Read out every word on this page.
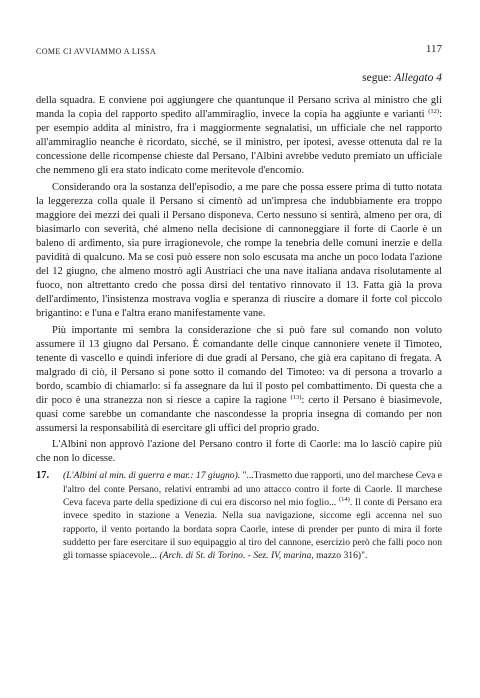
COME CI AVVIAMMO A LISSA	117
segue: Allegato 4

della squadra. E conviene poi aggiungere che quantunque il Persano scriva al ministro che gli manda la copia del rapporto spedito all'ammiraglio, invece la copia ha aggiunte e varianti $^{(12)}$: per esempio addita al ministro, fra i maggiormente segnalatisi, un ufficiale che nel rapporto all'ammiraglio neanche è ricordato, sicché, se il ministro, per ipotesi, avesse ottenuta dal re la concessione delle ricompense chieste dal Persano, l'Albini avrebbe veduto premiato un ufficiale che nemmeno gli era stato indicato come meritevole d'encomio.

Considerando ora la sostanza dell'episodio, a me pare che possa essere prima di tutto notata la leggerezza colla quale il Persano si cimentò ad un'impresa che indubbiamente era troppo maggiore dei mezzi dei quali il Persano disponeva. Certo nessuno si sentirà, almeno per ora, di biasimarlo con severità, ché almeno nella decisione di cannoneggiare il forte di Caorle è un baleno di ardimento, sia pure irragionevole, che rompe la tenebria delle comuni inerzie e della pavidità di qualcuno. Ma se così può essere non solo escusata ma anche un poco lodata l'azione del 12 giugno, che almeno mostrò agli Austriaci che una nave italiana andava risolutamente al fuoco, non altrettanto credo che possa dirsi del tentativo rinnovato il 13. Fatta già la prova dell'ardimento, l'insistenza mostrava voglia e speranza di riuscire a domare il forte col piccolo brigantino: e l'una e l'altra erano manifestamente vane.

Più importante mi sembra la considerazione che si può fare sul comando non voluto assumere il 13 giugno dal Persano. È comandante delle cinque cannoniere venete il Timoteo, tenente di vascello e quindi inferiore di due gradi al Persano, che già era capitano di fregata. A malgrado di ciò, il Persano si pone sotto il comando del Timoteo: va di persona a trovarlo a bordo, scambio di chiamarlo: si fa assegnare da lui il posto pel combattimento. Di questa che a dir poco è una stranezza non si riesce a capire la ragione $^{(13)}$: certo il Persano è biasimevole, quasi come sarebbe un comandante che nascondesse la propria insegna di comando per non assumersi la responsabilità di esercitare gli uffici del proprio grado.

L'Albini non approvò l'azione del Persano contro il forte di Caorle: ma lo lasciò capire più che non lo dicesse.

17.	(L'Albini al min. di guerra e mar.: 17 giugno). "...Trasmetto due rapporti, uno del marchese Ceva e l'altro del conte Persano, relativi entrambi ad uno attacco contro il forte di Caorle. Il marchese Ceva faceva parte della spedizione di cui era discorso nel mio foglio... $^{(14)}$. Il conte di Persano era invece spedito in stazione a Venezia. Nella sua navigazione, siccome egli accenna nel suo rapporto, il vento portando la bordata sopra Caorle, intese di prender per punto di mira il forte suddetto per fare esercitare il suo equipaggio al tiro del cannone, esercizio però che falli poco non gli tornasse spiacevole... (Arch. di St. di Torino. - Sez. IV, marina, mazzo 316)".
